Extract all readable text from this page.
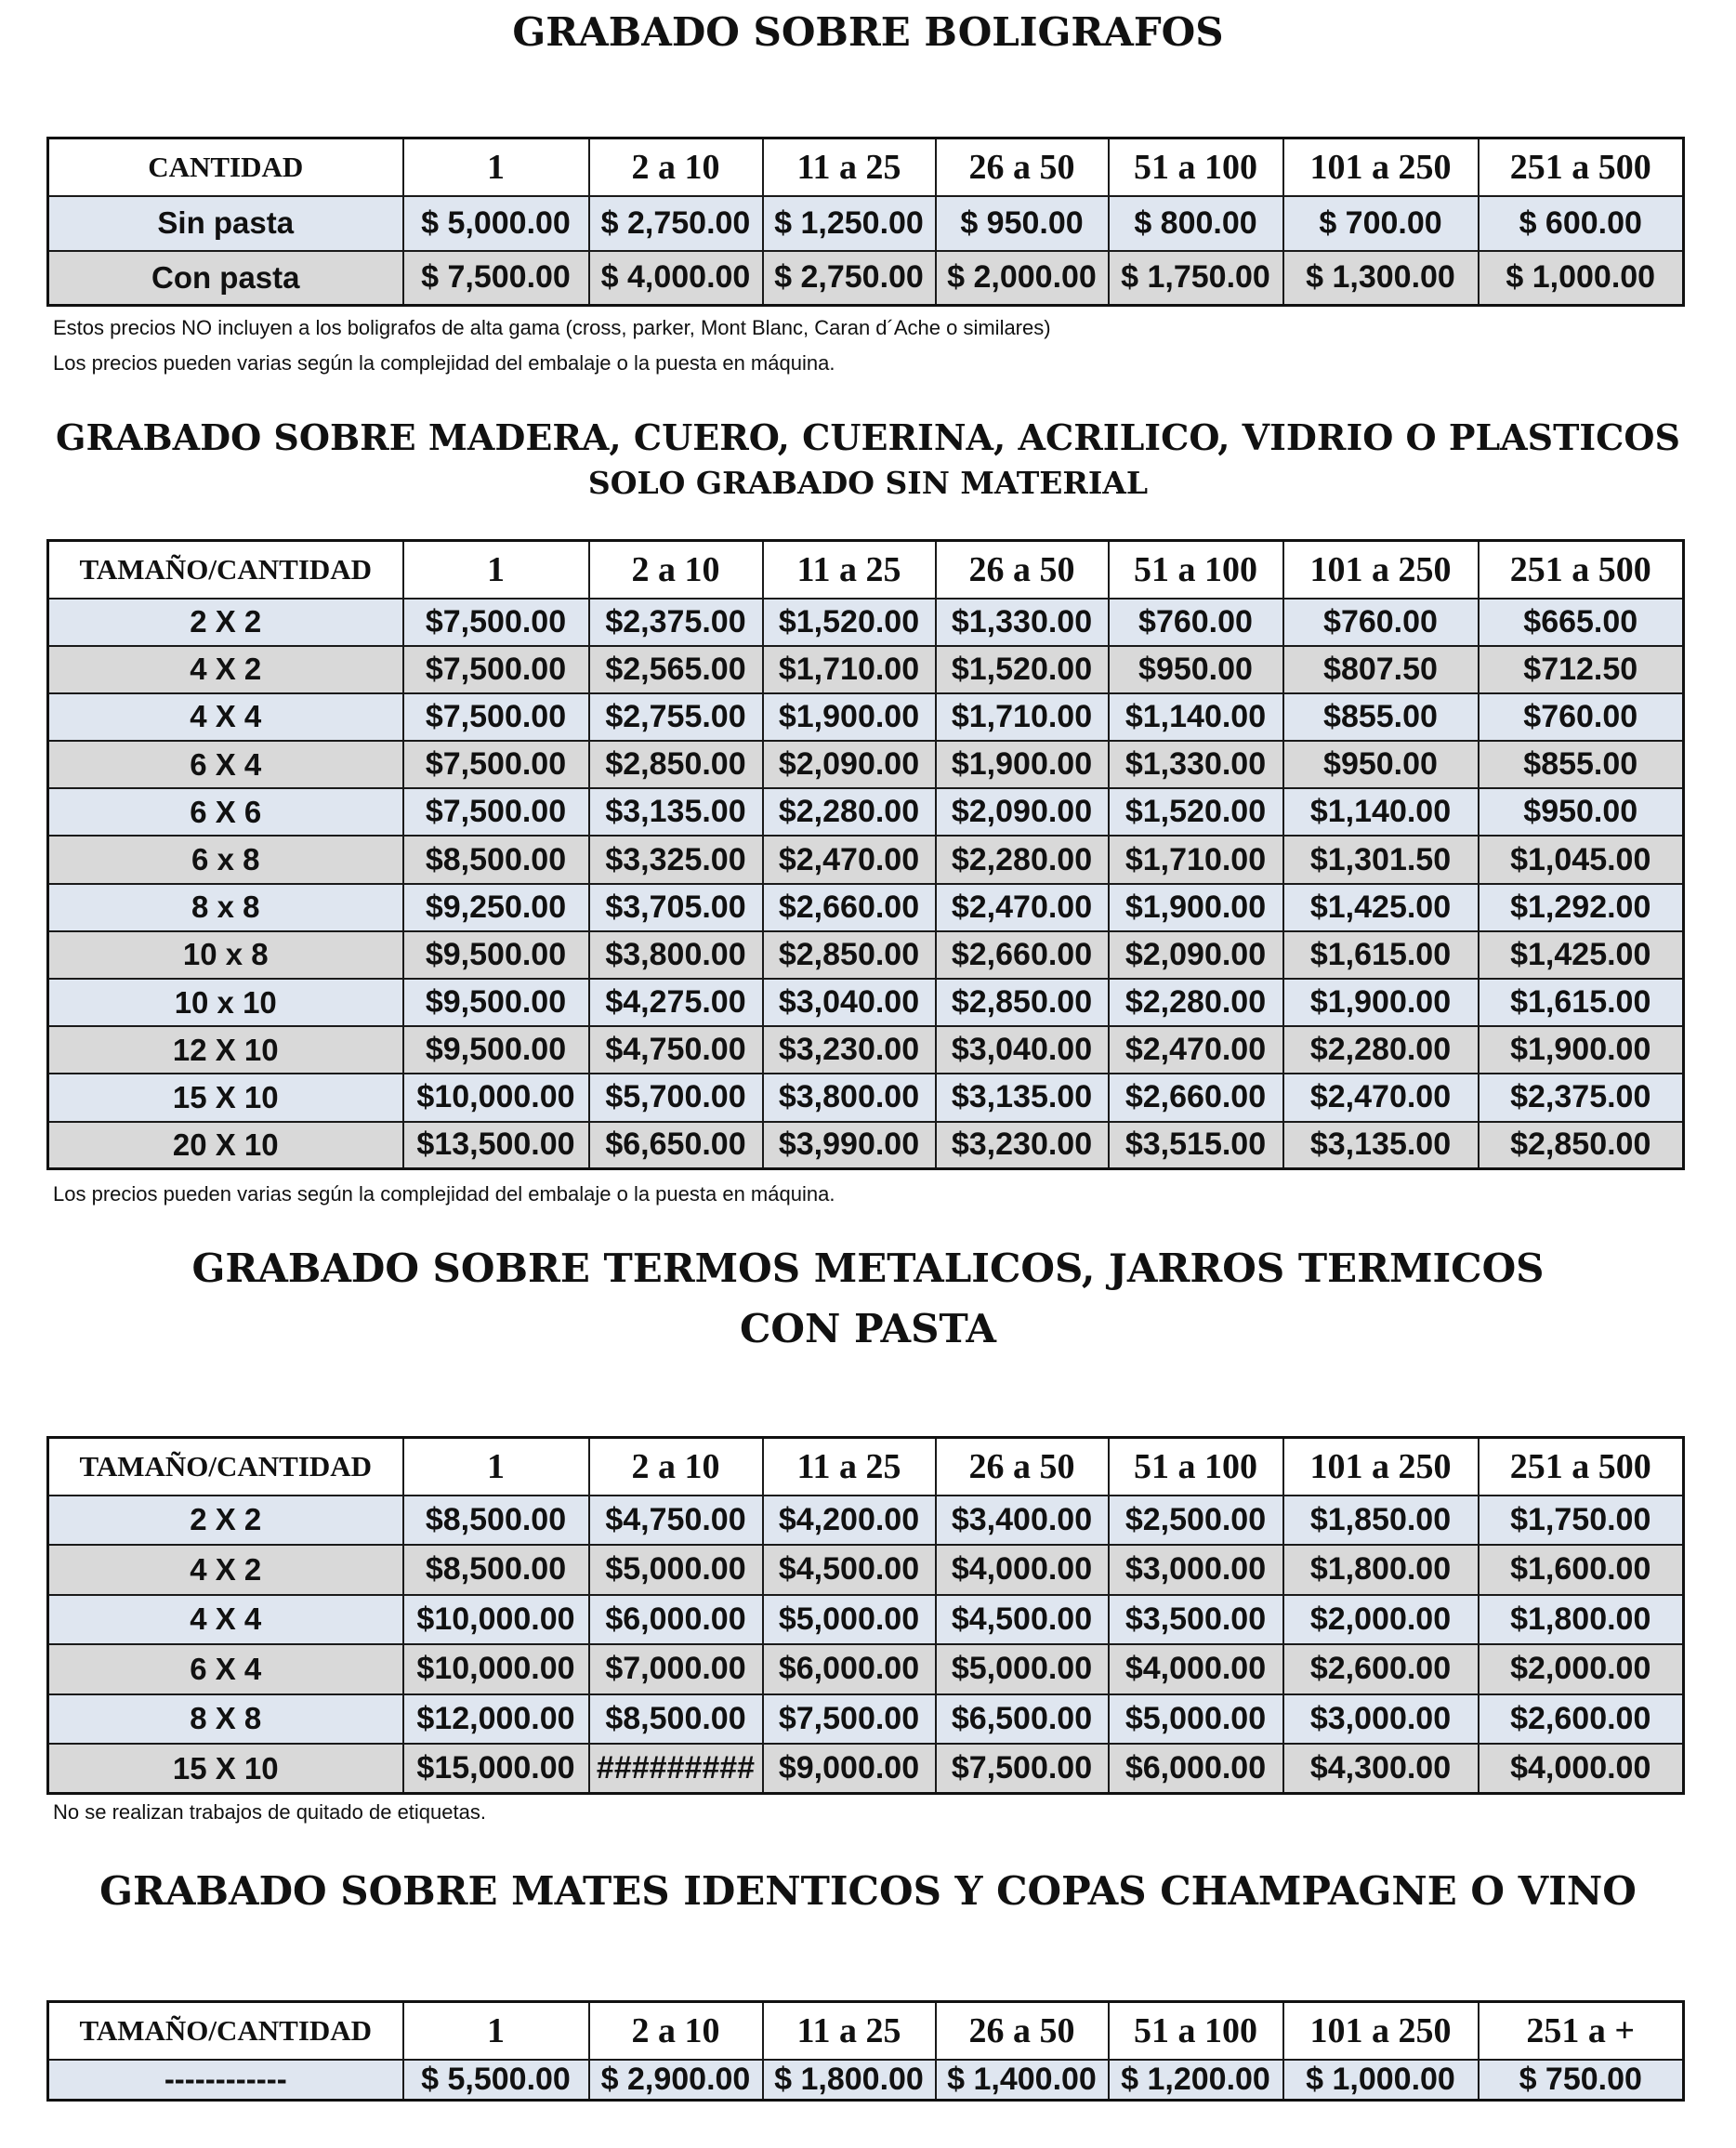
GRABADO SOBRE BOLIGRAFOS
CANTIDAD	1	2 a 10	11 a 25	26 a 50	51 a 100	101 a 250	251 a 500
Sin pasta	$ 5,000.00	$ 2,750.00	$ 1,250.00	$ 950.00	$ 800.00	$ 700.00	$ 600.00
Con pasta	$ 7,500.00	$ 4,000.00	$ 2,750.00	$ 2,000.00	$ 1,750.00	$ 1,300.00	$ 1,000.00
Estos precios NO incluyen a los boligrafos de alta gama (cross, parker, Mont Blanc, Caran d´Ache o similares)
Los precios pueden varias según la complejidad del embalaje o la puesta en máquina.
GRABADO SOBRE MADERA, CUERO, CUERINA, ACRILICO, VIDRIO O PLASTICOS
SOLO GRABADO SIN MATERIAL
TAMAÑO/CANTIDAD	1	2 a 10	11 a 25	26 a 50	51 a 100	101 a 250	251 a 500
2 X 2	$7,500.00	$2,375.00	$1,520.00	$1,330.00	$760.00	$760.00	$665.00
4 X 2	$7,500.00	$2,565.00	$1,710.00	$1,520.00	$950.00	$807.50	$712.50
4 X 4	$7,500.00	$2,755.00	$1,900.00	$1,710.00	$1,140.00	$855.00	$760.00
6 X 4	$7,500.00	$2,850.00	$2,090.00	$1,900.00	$1,330.00	$950.00	$855.00
6 X 6	$7,500.00	$3,135.00	$2,280.00	$2,090.00	$1,520.00	$1,140.00	$950.00
6 x 8	$8,500.00	$3,325.00	$2,470.00	$2,280.00	$1,710.00	$1,301.50	$1,045.00
8 x 8	$9,250.00	$3,705.00	$2,660.00	$2,470.00	$1,900.00	$1,425.00	$1,292.00
10 x 8	$9,500.00	$3,800.00	$2,850.00	$2,660.00	$2,090.00	$1,615.00	$1,425.00
10 x 10	$9,500.00	$4,275.00	$3,040.00	$2,850.00	$2,280.00	$1,900.00	$1,615.00
12 X 10	$9,500.00	$4,750.00	$3,230.00	$3,040.00	$2,470.00	$2,280.00	$1,900.00
15 X 10	$10,000.00	$5,700.00	$3,800.00	$3,135.00	$2,660.00	$2,470.00	$2,375.00
20 X 10	$13,500.00	$6,650.00	$3,990.00	$3,230.00	$3,515.00	$3,135.00	$2,850.00
Los precios pueden varias según la complejidad del embalaje o la puesta en máquina.
GRABADO SOBRE TERMOS METALICOS, JARROS TERMICOS
CON PASTA
TAMAÑO/CANTIDAD	1	2 a 10	11 a 25	26 a 50	51 a 100	101 a 250	251 a 500
2 X 2	$8,500.00	$4,750.00	$4,200.00	$3,400.00	$2,500.00	$1,850.00	$1,750.00
4 X 2	$8,500.00	$5,000.00	$4,500.00	$4,000.00	$3,000.00	$1,800.00	$1,600.00
4 X 4	$10,000.00	$6,000.00	$5,000.00	$4,500.00	$3,500.00	$2,000.00	$1,800.00
6 X 4	$10,000.00	$7,000.00	$6,000.00	$5,000.00	$4,000.00	$2,600.00	$2,000.00
8 X 8	$12,000.00	$8,500.00	$7,500.00	$6,500.00	$5,000.00	$3,000.00	$2,600.00
15 X 10	$15,000.00	#########	$9,000.00	$7,500.00	$6,000.00	$4,300.00	$4,000.00
No se realizan trabajos de quitado de etiquetas.
GRABADO SOBRE MATES IDENTICOS Y COPAS CHAMPAGNE O VINO
TAMAÑO/CANTIDAD	1	2 a 10	11 a 25	26 a 50	51 a 100	101 a 250	251 a +
------------	$ 5,500.00	$ 2,900.00	$ 1,800.00	$ 1,400.00	$ 1,200.00	$ 1,000.00	$ 750.00
